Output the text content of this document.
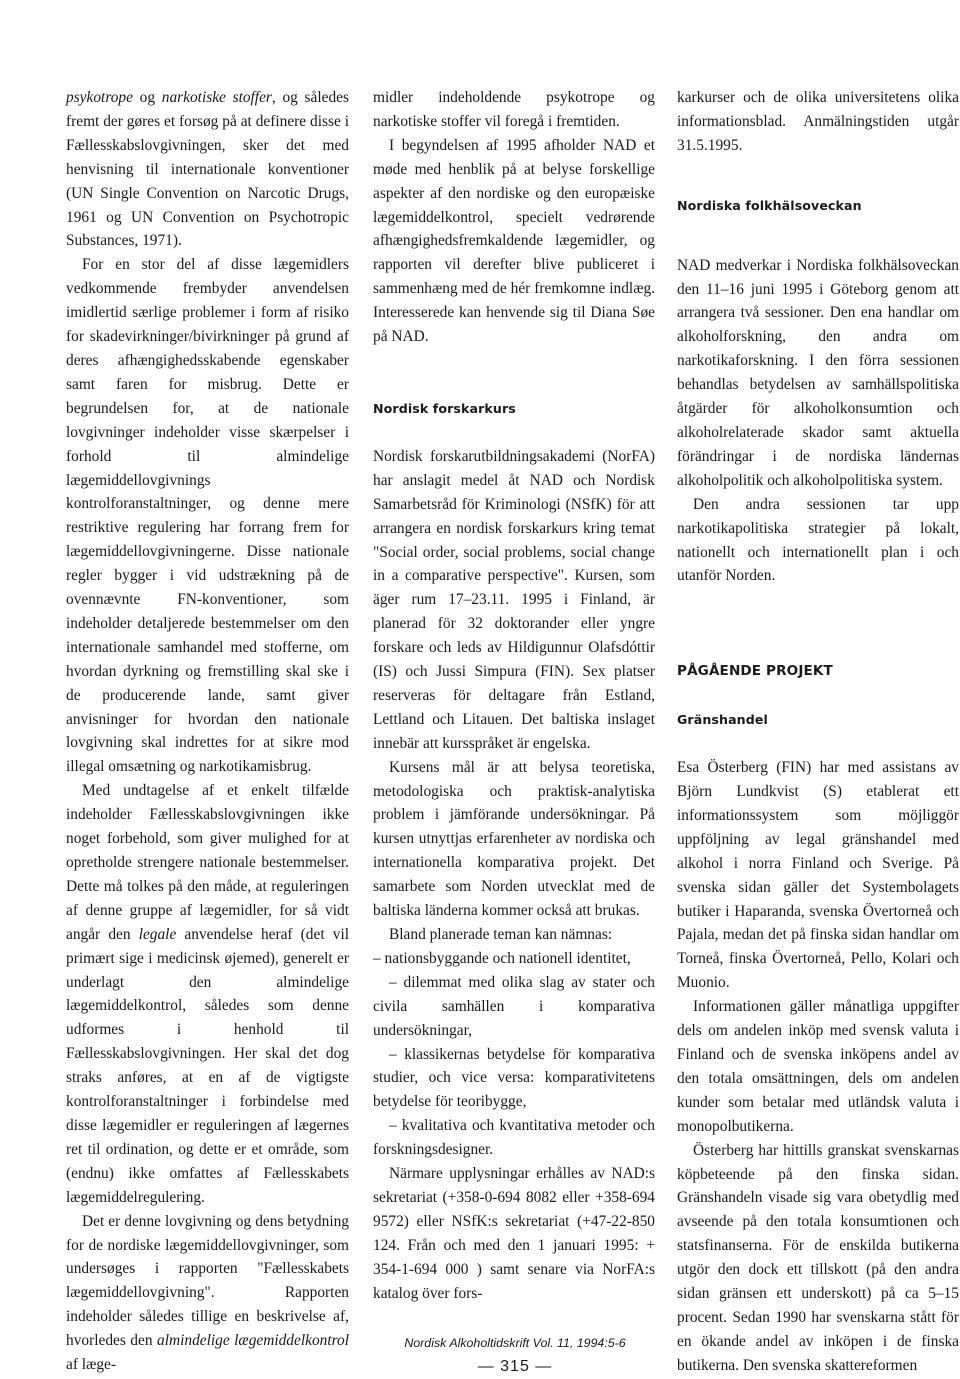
psykotrope og narkotiske stoffer, og således fremt der gøres et forsøg på at definere disse i Fællesskabslovgivningen, sker det med henvisning til internationale konventioner (UN Single Convention on Narcotic Drugs, 1961 og UN Convention on Psychotropic Substances, 1971).

For en stor del af disse lægemidlers vedkommende frembyder anvendelsen imidlertid særlige problemer i form af risiko for skadevirkninger/bivirkninger på grund af deres afhængighedsskabende egenskaber samt faren for misbrug. Dette er begrundelsen for, at de nationale lovgivninger indeholder visse skærpelser i forhold til almindelige lægemiddellovgivnings kontrolforanstaltninger, og denne mere restriktive regulering har forrang frem for lægemiddellovgivningerne. Disse nationale regler bygger i vid udstrækning på de ovennævnte FN-konventioner, som indeholder detaljerede bestemmelser om den internationale samhandel med stofferne, om hvordan dyrkning og fremstilling skal ske i de producerende lande, samt giver anvisninger for hvordan den nationale lovgivning skal indrettes for at sikre mod illegal omsætning og narkotikamisbrug.

Med undtagelse af et enkelt tilfælde indeholder Fællesskabslovgivningen ikke noget forbehold, som giver mulighed for at opretholde strengere nationale bestemmelser. Dette må tolkes på den måde, at reguleringen af denne gruppe af lægemidler, for så vidt angår den legale anvendelse heraf (det vil primært sige i medicinsk øjemed), generelt er underlagt den almindelige lægemiddelkontrol, således som denne udformes i henhold til Fællesskabslovgivningen. Her skal det dog straks anføres, at en af de vigtigste kontrolforanstaltninger i forbindelse med disse lægemidler er reguleringen af lægernes ret til ordination, og dette er et område, som (endnu) ikke omfattes af Fællesskabets lægemiddelregulering.

Det er denne lovgivning og dens betydning for de nordiske lægemiddellovgivninger, som undersøges i rapporten "Fællesskabets lægemiddellovgivning". Rapporten indeholder således tillige en beskrivelse af, hvorledes den almindelige lægemiddelkontrol af læge-

midler indeholdende psykotrope og narkotiske stoffer vil foregå i fremtiden.

I begyndelsen af 1995 afholder NAD et møde med henblik på at belyse forskellige aspekter af den nordiske og den europæiske lægemiddelkontrol, specielt vedrørende afhængighedsfremkaldende lægemidler, og rapporten vil derefter blive publiceret i sammenhæng med de hér fremkomne indlæg. Interesserede kan henvende sig til Diana Søe på NAD.

Nordisk forskarkurs

Nordisk forskarutbildningsakademi (NorFA) har anslagit medel åt NAD och Nordisk Samarbetsråd för Kriminologi (NSfK) för att arrangera en nordisk forskarkurs kring temat "Social order, social problems, social change in a comparative perspective". Kursen, som äger rum 17–23.11. 1995 i Finland, är planerad för 32 doktorander eller yngre forskare och leds av Hildigunnur Olafsdóttir (IS) och Jussi Simpura (FIN). Sex platser reserveras för deltagare från Estland, Lettland och Litauen. Det baltiska inslaget innebär att kursspråket är engelska.

Kursens mål är att belysa teoretiska, metodologiska och praktisk-analytiska problem i jämförande undersökningar. På kursen utnyttjas erfarenheter av nordiska och internationella komparativa projekt. Det samarbete som Norden utvecklat med de baltiska länderna kommer också att brukas.

Bland planerade teman kan nämnas:

– nationsbyggande och nationell identitet,

– dilemmat med olika slag av stater och civila samhällen i komparativa undersökningar,

– klassikernas betydelse för komparativa studier, och vice versa: komparativitetens betydelse för teoribygge,

– kvalitativa och kvantitativa metoder och forskningsdesigner.

Närmare upplysningar erhålles av NAD:s sekretariat (+358-0-694 8082 eller +358-694 9572) eller NSfK:s sekretariat (+47-22-850 124. Från och med den 1 januari 1995: + 354-1-694 000 ) samt senare via NorFA:s katalog över fors-

karkurser och de olika universitetens olika informationsblad. Anmälningstiden utgår 31.5.1995.

Nordiska folkhälsoveckan

NAD medverkar i Nordiska folkhälsoveckan den 11–16 juni 1995 i Göteborg genom att arrangera två sessioner. Den ena handlar om alkoholforskning, den andra om narkotikaforskning. I den förra sessionen behandlas betydelsen av samhällspolitiska åtgärder för alkoholkonsumtion och alkoholrelaterade skador samt aktuella förändringar i de nordiska ländernas alkoholpolitik och alkoholpolitiska system.

Den andra sessionen tar upp narkotikapolitiska strategier på lokalt, nationellt och internationellt plan i och utanför Norden.

PÅGÅENDE PROJEKT

Gränshandel

Esa Österberg (FIN) har med assistans av Björn Lundkvist (S) etablerat ett informationssystem som möjliggör uppföljning av legal gränshandel med alkohol i norra Finland och Sverige. På svenska sidan gäller det Systembolagets butiker i Haparanda, svenska Övertorneå och Pajala, medan det på finska sidan handlar om Torneå, finska Övertorneå, Pello, Kolari och Muonio.

Informationen gäller månatliga uppgifter dels om andelen inköp med svensk valuta i Finland och de svenska inköpens andel av den totala omsättningen, dels om andelen kunder som betalar med utländsk valuta i monopolbutikerna.

Österberg har hittills granskat svenskarnas köpbeteende på den finska sidan. Gränshandeln visade sig vara obetydlig med avseende på den totala konsumtionen och statsfinanserna. För de enskilda butikerna utgör den dock ett tillskott (på den andra sidan gränsen ett underskott) på ca 5–15 procent. Sedan 1990 har svenskarna stått för en ökande andel av inköpen i de finska butikerna. Den svenska skattereformen

Nordisk Alkoholtidskrift Vol. 11, 1994:5-6
— 315 —
